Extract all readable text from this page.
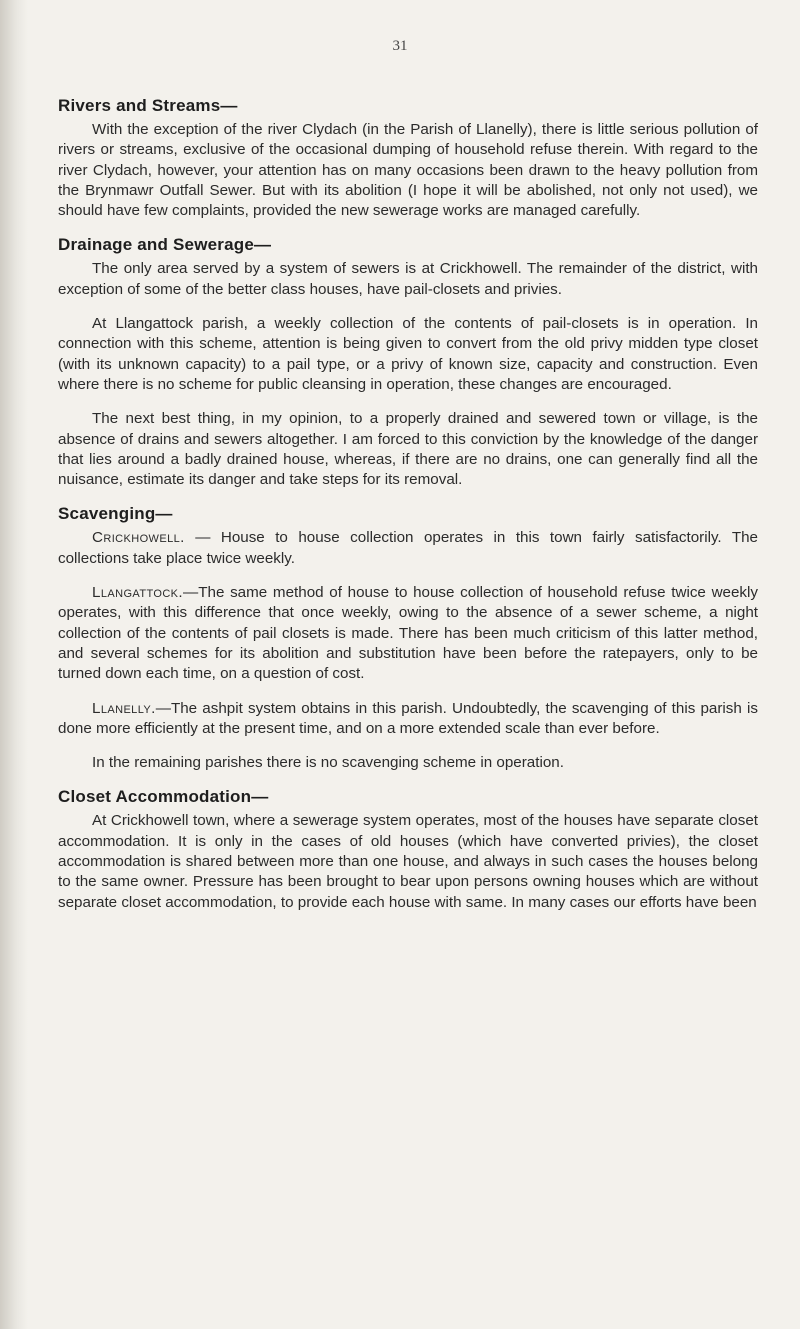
31
Rivers and Streams—

With the exception of the river Clydach (in the Parish of Llanelly), there is little serious pollution of rivers or streams, exclusive of the occasional dumping of household refuse therein. With regard to the river Clydach, however, your attention has on many occasions been drawn to the heavy pollution from the Brynmawr Outfall Sewer. But with its abolition (I hope it will be abolished, not only not used), we should have few complaints, provided the new sewerage works are managed carefully.

Drainage and Sewerage—

The only area served by a system of sewers is at Crickhowell. The remainder of the district, with exception of some of the better class houses, have pail-closets and privies.

At Llangattock parish, a weekly collection of the contents of pail-closets is in operation. In connection with this scheme, attention is being given to convert from the old privy midden type closet (with its unknown capacity) to a pail type, or a privy of known size, capacity and construction. Even where there is no scheme for public cleansing in operation, these changes are encouraged.

The next best thing, in my opinion, to a properly drained and sewered town or village, is the absence of drains and sewers altogether. I am forced to this conviction by the knowledge of the danger that lies around a badly drained house, whereas, if there are no drains, one can generally find all the nuisance, estimate its danger and take steps for its removal.

Scavenging—

Crickhowell. — House to house collection operates in this town fairly satisfactorily. The collections take place twice weekly.

Llangattock.—The same method of house to house collection of household refuse twice weekly operates, with this difference that once weekly, owing to the absence of a sewer scheme, a night collection of the contents of pail closets is made. There has been much criticism of this latter method, and several schemes for its abolition and substitution have been before the ratepayers, only to be turned down each time, on a question of cost.

Llanelly.—The ashpit system obtains in this parish. Undoubtedly, the scavenging of this parish is done more efficiently at the present time, and on a more extended scale than ever before.

In the remaining parishes there is no scavenging scheme in operation.

Closet Accommodation—

At Crickhowell town, where a sewerage system operates, most of the houses have separate closet accommodation. It is only in the cases of old houses (which have converted privies), the closet accommodation is shared between more than one house, and always in such cases the houses belong to the same owner. Pressure has been brought to bear upon persons owning houses which are without separate closet accommodation, to provide each house with same. In many cases our efforts have been
